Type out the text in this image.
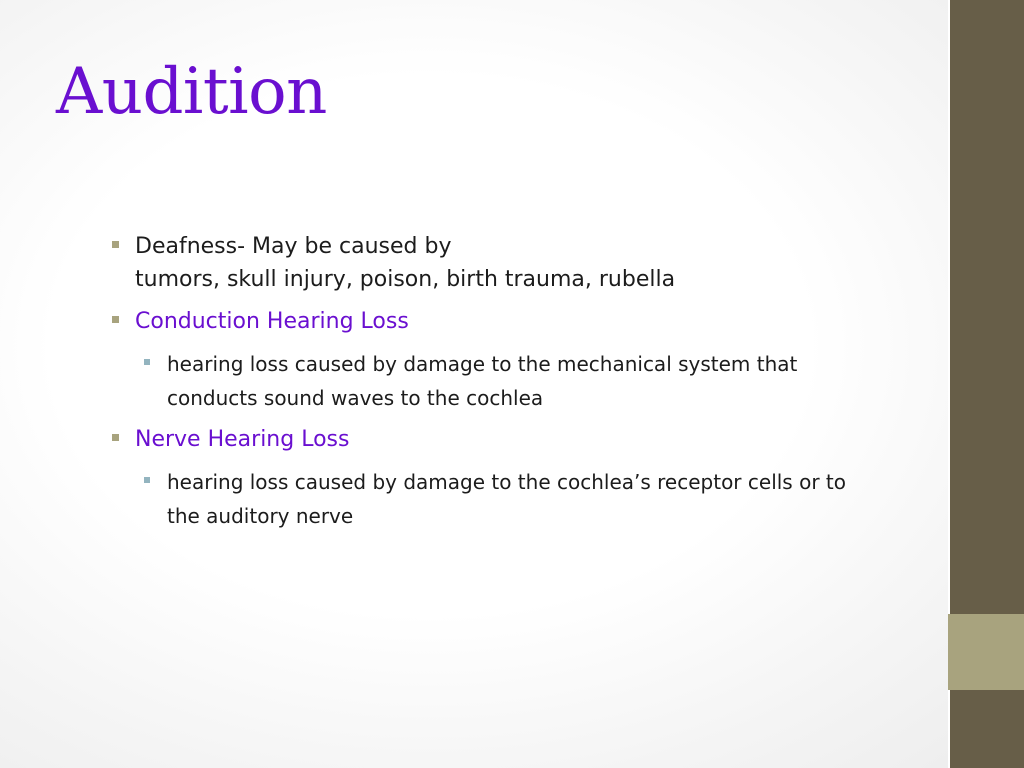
Audition
Deafness- May be caused by
tumors, skull injury, poison, birth trauma, rubella
Conduction Hearing Loss
hearing loss caused by damage to the mechanical system that
conducts sound waves to the cochlea
Nerve Hearing Loss
hearing loss caused by damage to the cochlea’s receptor cells or to
the auditory nerve
